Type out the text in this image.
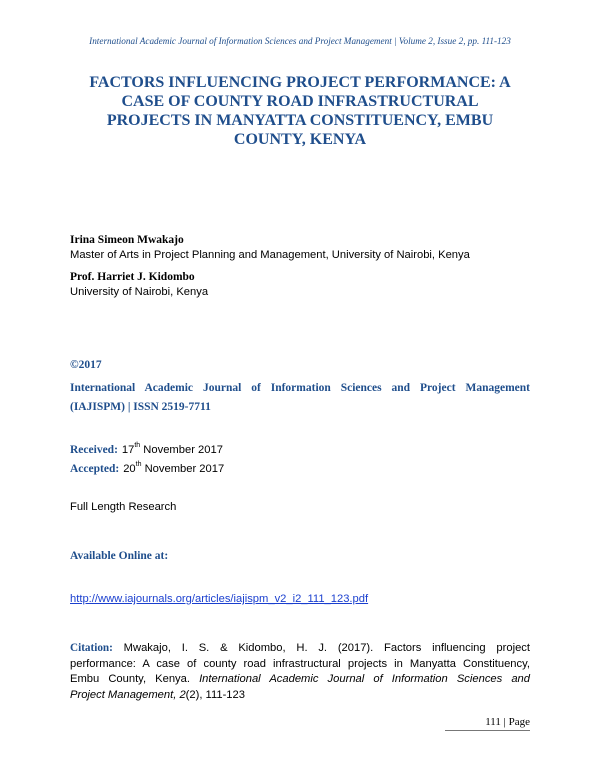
International Academic Journal of Information Sciences and Project Management | Volume 2, Issue 2, pp. 111-123
FACTORS INFLUENCING PROJECT PERFORMANCE: A
CASE OF COUNTY ROAD INFRASTRUCTURAL
PROJECTS IN MANYATTA CONSTITUENCY, EMBU
COUNTY, KENYA
Irina Simeon Mwakajo
Master of Arts in Project Planning and Management, University of Nairobi, Kenya
Prof. Harriet J. Kidombo
University of Nairobi, Kenya
©2017

International Academic Journal of Information Sciences and Project Management
(IAJISPM) | ISSN 2519-7711

Received: 17th November 2017
Accepted: 20th November 2017
Full Length Research
Available Online at:
http://www.iajournals.org/articles/iajispm_v2_i2_111_123.pdf

Citation: Mwakajo, I. S. & Kidombo, H. J. (2017). Factors influencing project
performance: A case of county road infrastructural projects in Manyatta Constituency,
Embu County, Kenya. International Academic Journal of Information Sciences and
Project Management, 2(2), 111-123

111 | Page
